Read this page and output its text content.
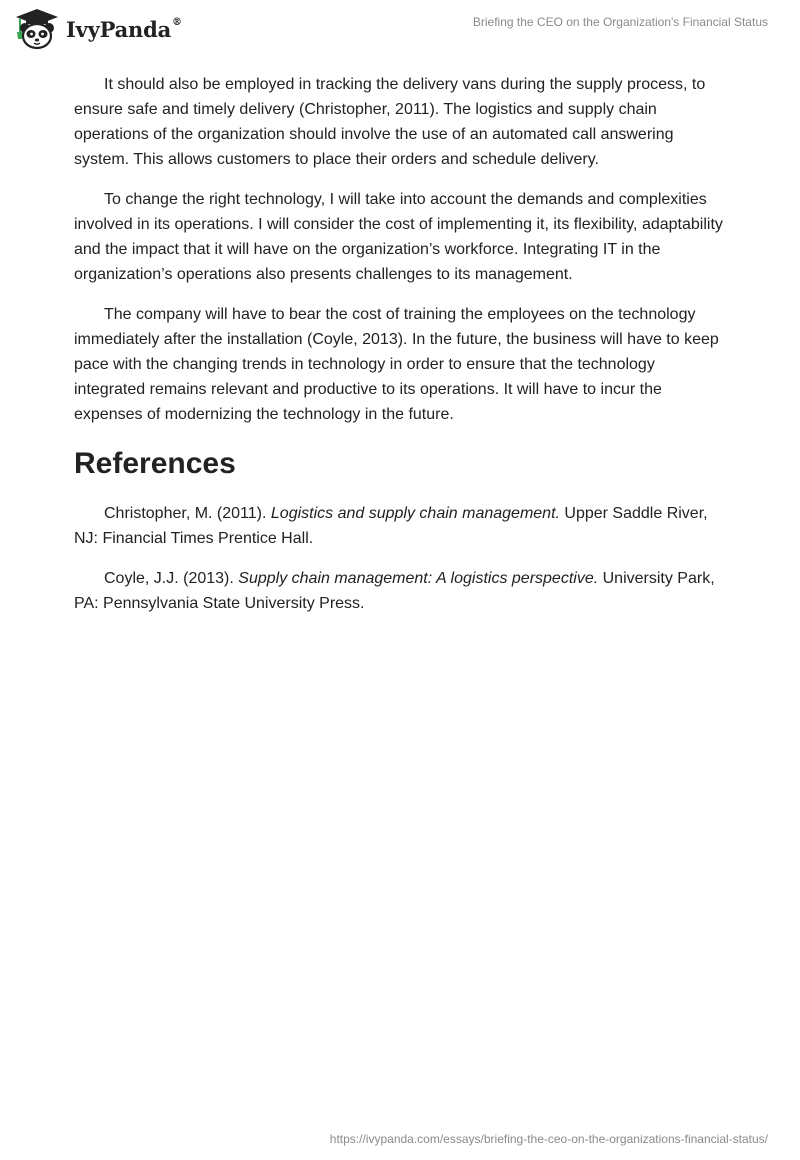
IvyPanda®	Briefing the CEO on the Organization's Financial Status

It should also be employed in tracking the delivery vans during the supply process, to ensure safe and timely delivery (Christopher, 2011). The logistics and supply chain operations of the organization should involve the use of an automated call answering system. This allows customers to place their orders and schedule delivery.

To change the right technology, I will take into account the demands and complexities involved in its operations. I will consider the cost of implementing it, its flexibility, adaptability and the impact that it will have on the organization’s workforce. Integrating IT in the organization’s operations also presents challenges to its management.

The company will have to bear the cost of training the employees on the technology immediately after the installation (Coyle, 2013). In the future, the business will have to keep pace with the changing trends in technology in order to ensure that the technology integrated remains relevant and productive to its operations. It will have to incur the expenses of modernizing the technology in the future.

References

Christopher, M. (2011). Logistics and supply chain management. Upper Saddle River, NJ: Financial Times Prentice Hall.

Coyle, J.J. (2013). Supply chain management: A logistics perspective. University Park, PA: Pennsylvania State University Press.

https://ivypanda.com/essays/briefing-the-ceo-on-the-organizations-financial-status/
